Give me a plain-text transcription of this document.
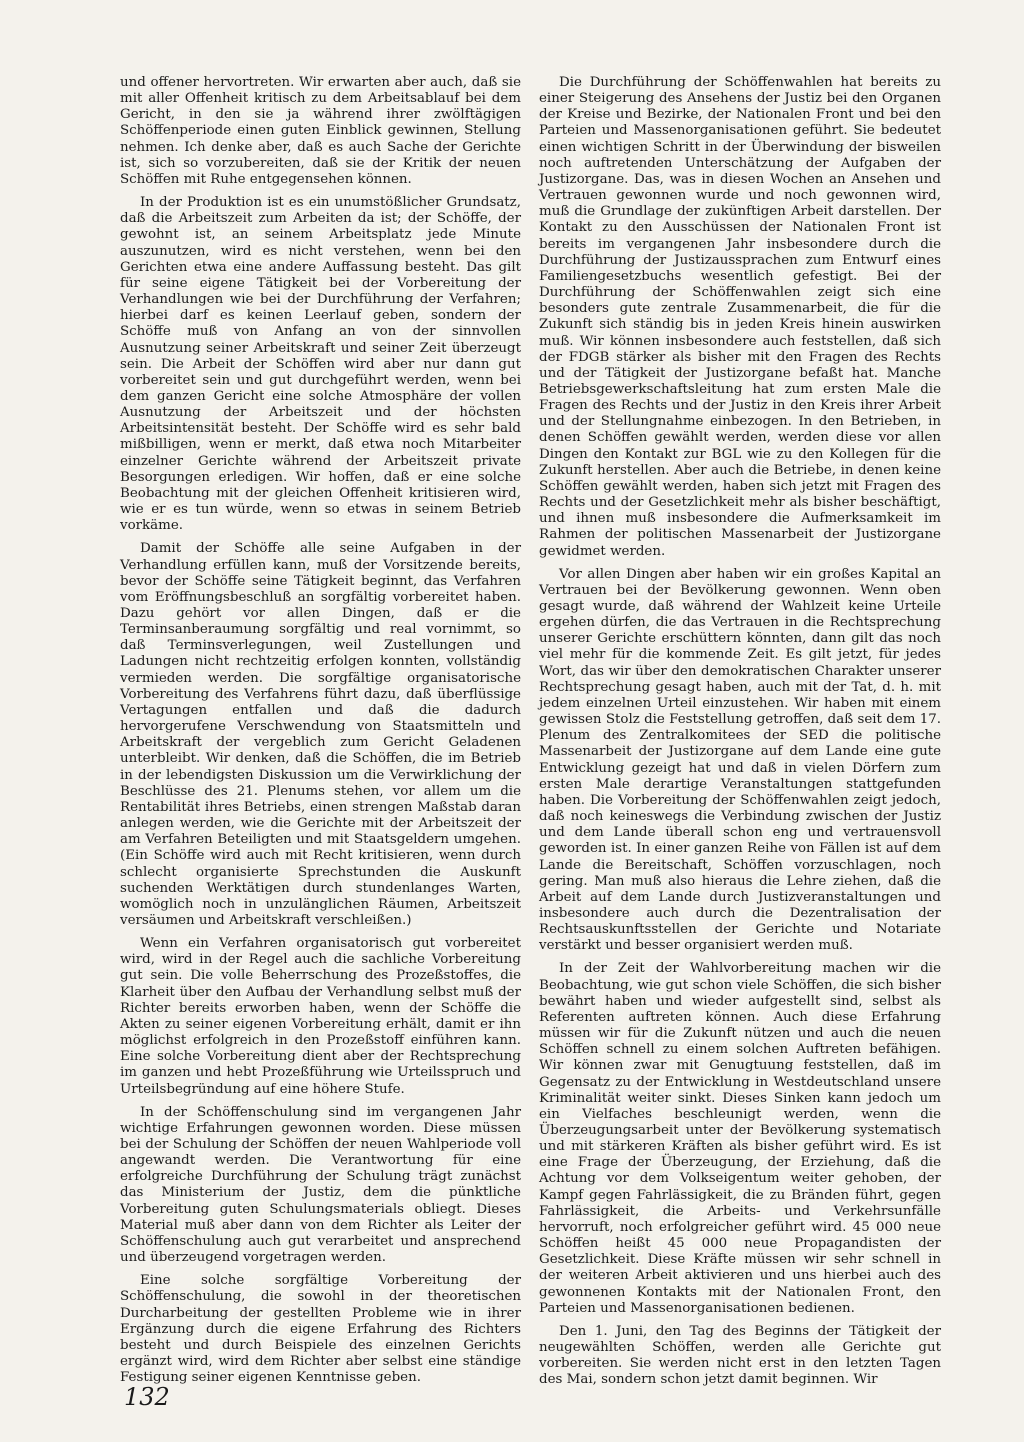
und offener hervortreten. Wir erwarten aber auch, daß sie mit aller Offenheit kritisch zu dem Arbeitsablauf bei dem Gericht, in den sie ja während ihrer zwölftägigen Schöffenperiode einen guten Einblick gewinnen, Stellung nehmen. Ich denke aber, daß es auch Sache der Gerichte ist, sich so vorzubereiten, daß sie der Kritik der neuen Schöffen mit Ruhe entgegensehen können.

In der Produktion ist es ein unumstößlicher Grundsatz, daß die Arbeitszeit zum Arbeiten da ist; der Schöffe, der gewohnt ist, an seinem Arbeitsplatz jede Minute auszunutzen, wird es nicht verstehen, wenn bei den Gerichten etwa eine andere Auffassung besteht. Das gilt für seine eigene Tätigkeit bei der Vorbereitung der Verhandlungen wie bei der Durchführung der Verfahren; hierbei darf es keinen Leerlauf geben, sondern der Schöffe muß von Anfang an von der sinnvollen Ausnutzung seiner Arbeitskraft und seiner Zeit überzeugt sein. Die Arbeit der Schöffen wird aber nur dann gut vorbereitet sein und gut durchgeführt werden, wenn bei dem ganzen Gericht eine solche Atmosphäre der vollen Ausnutzung der Arbeitszeit und der höchsten Arbeitsintensität besteht. Der Schöffe wird es sehr bald mißbilligen, wenn er merkt, daß etwa noch Mitarbeiter einzelner Gerichte während der Arbeitszeit private Besorgungen erledigen. Wir hoffen, daß er eine solche Beobachtung mit der gleichen Offenheit kritisieren wird, wie er es tun würde, wenn so etwas in seinem Betrieb vorkäme.

Damit der Schöffe alle seine Aufgaben in der Verhandlung erfüllen kann, muß der Vorsitzende bereits, bevor der Schöffe seine Tätigkeit beginnt, das Verfahren vom Eröffnungsbeschluß an sorgfältig vorbereitet haben. Dazu gehört vor allen Dingen, daß er die Terminsanberaumung sorgfältig und real vornimmt, so daß Terminsverlegungen, weil Zustellungen und Ladungen nicht rechtzeitig erfolgen konnten, vollständig vermieden werden. Die sorgfältige organisatorische Vorbereitung des Verfahrens führt dazu, daß überflüssige Vertagungen entfallen und daß die dadurch hervorgerufene Verschwendung von Staatsmitteln und Arbeitskraft der vergeblich zum Gericht Geladenen unterbleibt. Wir denken, daß die Schöffen, die im Betrieb in der lebendigsten Diskussion um die Verwirklichung der Beschlüsse des 21. Plenums stehen, vor allem um die Rentabilität ihres Betriebs, einen strengen Maßstab daran anlegen werden, wie die Gerichte mit der Arbeitszeit der am Verfahren Beteiligten und mit Staatsgeldern umgehen. (Ein Schöffe wird auch mit Recht kritisieren, wenn durch schlecht organisierte Sprechstunden die Auskunft suchenden Werktätigen durch stundenlanges Warten, womöglich noch in unzulänglichen Räumen, Arbeitszeit versäumen und Arbeitskraft verschleißen.)

Wenn ein Verfahren organisatorisch gut vorbereitet wird, wird in der Regel auch die sachliche Vorbereitung gut sein. Die volle Beherrschung des Prozeßstoffes, die Klarheit über den Aufbau der Verhandlung selbst muß der Richter bereits erworben haben, wenn der Schöffe die Akten zu seiner eigenen Vorbereitung erhält, damit er ihn möglichst erfolgreich in den Prozeßstoff einführen kann. Eine solche Vorbereitung dient aber der Rechtsprechung im ganzen und hebt Prozeßführung wie Urteilsspruch und Urteilsbegründung auf eine höhere Stufe.

In der Schöffenschulung sind im vergangenen Jahr wichtige Erfahrungen gewonnen worden. Diese müssen bei der Schulung der Schöffen der neuen Wahlperiode voll angewandt werden. Die Verantwortung für eine erfolgreiche Durchführung der Schulung trägt zunächst das Ministerium der Justiz, dem die pünktliche Vorbereitung guten Schulungsmaterials obliegt. Dieses Material muß aber dann von dem Richter als Leiter der Schöffenschulung auch gut verarbeitet und ansprechend und überzeugend vorgetragen werden.

Eine solche sorgfältige Vorbereitung der Schöffenschulung, die sowohl in der theoretischen Durcharbeitung der gestellten Probleme wie in ihrer Ergänzung durch die eigene Erfahrung des Richters besteht und durch Beispiele des einzelnen Gerichts ergänzt wird, wird dem Richter aber selbst eine ständige Festigung seiner eigenen Kenntnisse geben.

Die Durchführung der Schöffenwahlen hat bereits zu einer Steigerung des Ansehens der Justiz bei den Organen der Kreise und Bezirke, der Nationalen Front und bei den Parteien und Massenorganisationen geführt. Sie bedeutet einen wichtigen Schritt in der Überwindung der bisweilen noch auftretenden Unterschätzung der Aufgaben der Justizorgane. Das, was in diesen Wochen an Ansehen und Vertrauen gewonnen wurde und noch gewonnen wird, muß die Grundlage der zukünftigen Arbeit darstellen. Der Kontakt zu den Ausschüssen der Nationalen Front ist bereits im vergangenen Jahr insbesondere durch die Durchführung der Justizaussprachen zum Entwurf eines Familiengesetzbuchs wesentlich gefestigt. Bei der Durchführung der Schöffenwahlen zeigt sich eine besonders gute zentrale Zusammenarbeit, die für die Zukunft sich ständig bis in jeden Kreis hinein auswirken muß. Wir können insbesondere auch feststellen, daß sich der FDGB stärker als bisher mit den Fragen des Rechts und der Tätigkeit der Justizorgane befaßt hat. Manche Betriebsgewerkschaftsleitung hat zum ersten Male die Fragen des Rechts und der Justiz in den Kreis ihrer Arbeit und der Stellungnahme einbezogen. In den Betrieben, in denen Schöffen gewählt werden, werden diese vor allen Dingen den Kontakt zur BGL wie zu den Kollegen für die Zukunft herstellen. Aber auch die Betriebe, in denen keine Schöffen gewählt werden, haben sich jetzt mit Fragen des Rechts und der Gesetzlichkeit mehr als bisher beschäftigt, und ihnen muß insbesondere die Aufmerksamkeit im Rahmen der politischen Massenarbeit der Justizorgane gewidmet werden.

Vor allen Dingen aber haben wir ein großes Kapital an Vertrauen bei der Bevölkerung gewonnen. Wenn oben gesagt wurde, daß während der Wahlzeit keine Urteile ergehen dürfen, die das Vertrauen in die Rechtsprechung unserer Gerichte erschüttern könnten, dann gilt das noch viel mehr für die kommende Zeit. Es gilt jetzt, für jedes Wort, das wir über den demokratischen Charakter unserer Rechtsprechung gesagt haben, auch mit der Tat, d. h. mit jedem einzelnen Urteil einzustehen. Wir haben mit einem gewissen Stolz die Feststellung getroffen, daß seit dem 17. Plenum des Zentralkomitees der SED die politische Massenarbeit der Justizorgane auf dem Lande eine gute Entwicklung gezeigt hat und daß in vielen Dörfern zum ersten Male derartige Veranstaltungen stattgefunden haben. Die Vorbereitung der Schöffenwahlen zeigt jedoch, daß noch keineswegs die Verbindung zwischen der Justiz und dem Lande überall schon eng und vertrauensvoll geworden ist. In einer ganzen Reihe von Fällen ist auf dem Lande die Bereitschaft, Schöffen vorzuschlagen, noch gering. Man muß also hieraus die Lehre ziehen, daß die Arbeit auf dem Lande durch Justizveranstaltungen und insbesondere auch durch die Dezentralisation der Rechtsauskunftsstellen der Gerichte und Notariate verstärkt und besser organisiert werden muß.

In der Zeit der Wahlvorbereitung machen wir die Beobachtung, wie gut schon viele Schöffen, die sich bisher bewährt haben und wieder aufgestellt sind, selbst als Referenten auftreten können. Auch diese Erfahrung müssen wir für die Zukunft nützen und auch die neuen Schöffen schnell zu einem solchen Auftreten befähigen. Wir können zwar mit Genugtuung feststellen, daß im Gegensatz zu der Entwicklung in Westdeutschland unsere Kriminalität weiter sinkt. Dieses Sinken kann jedoch um ein Vielfaches beschleunigt werden, wenn die Überzeugungsarbeit unter der Bevölkerung systematisch und mit stärkeren Kräften als bisher geführt wird. Es ist eine Frage der Überzeugung, der Erziehung, daß die Achtung vor dem Volkseigentum weiter gehoben, der Kampf gegen Fahrlässigkeit, die zu Bränden führt, gegen Fahrlässigkeit, die Arbeits- und Verkehrsunfälle hervorruft, noch erfolgreicher geführt wird. 45 000 neue Schöffen heißt 45 000 neue Propagandisten der Gesetzlichkeit. Diese Kräfte müssen wir sehr schnell in der weiteren Arbeit aktivieren und uns hierbei auch des gewonnenen Kontakts mit der Nationalen Front, den Parteien und Massenorganisationen bedienen.

Den 1. Juni, den Tag des Beginns der Tätigkeit der neugewählten Schöffen, werden alle Gerichte gut vorbereiten. Sie werden nicht erst in den letzten Tagen des Mai, sondern schon jetzt damit beginnen. Wir

132
